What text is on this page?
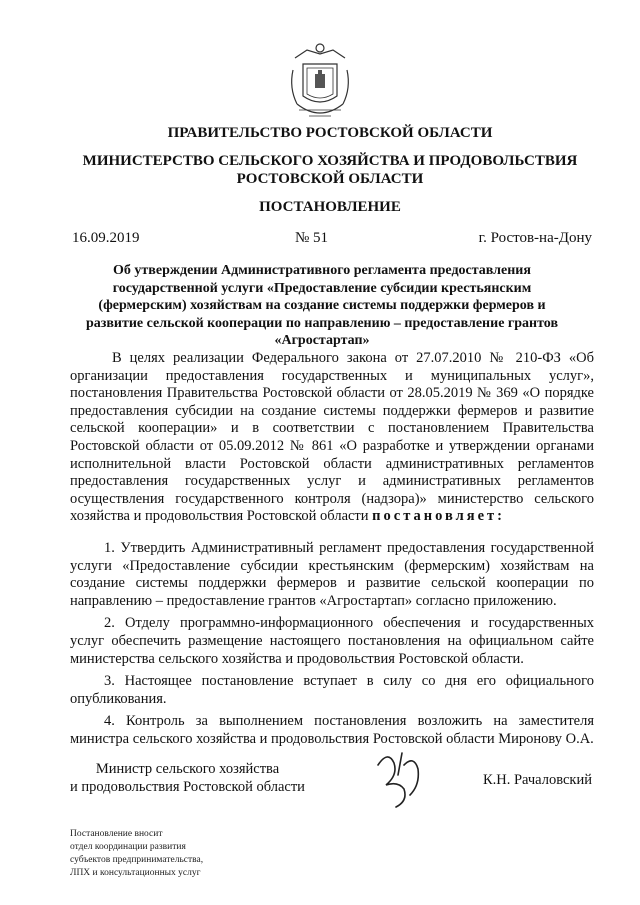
ПРАВИТЕЛЬСТВО РОСТОВСКОЙ ОБЛАСТИ

МИНИСТЕРСТВО СЕЛЬСКОГО ХОЗЯЙСТВА И ПРОДОВОЛЬСТВИЯ
РОСТОВСКОЙ ОБЛАСТИ

ПОСТАНОВЛЕНИЕ

16.09.2019	№ 51	г. Ростов-на-Дону
Об утверждении Административного регламента предоставления
государственной услуги «Предоставление субсидии крестьянским
(фермерским) хозяйствам на создание системы поддержки фермеров и
развитие сельской кооперации по направлению – предоставление грантов
«Агростартап»

В целях реализации Федерального закона от 27.07.2010 № 210-ФЗ «Об организации предоставления государственных и муниципальных услуг», постановления Правительства Ростовской области от 28.05.2019 № 369 «О порядке предоставления субсидии на создание системы поддержки фермеров и развитие сельской кооперации» и в соответствии с постановлением Правительства Ростовской области от 05.09.2012 № 861 «О разработке и утверждении органами исполнительной власти Ростовской области административных регламентов предоставления государственных услуг и административных регламентов осуществления государственного контроля (надзора)» министерство сельского хозяйства и продовольствия Ростовской области постановляет:

1. Утвердить Административный регламент предоставления государственной услуги «Предоставление субсидии крестьянским (фермерским) хозяйствам на создание системы поддержки фермеров и развитие сельской кооперации по направлению – предоставление грантов «Агростартап» согласно приложению.

2. Отделу программно-информационного обеспечения и государственных услуг обеспечить размещение настоящего постановления на официальном сайте министерства сельского хозяйства и продовольствия Ростовской области.

3. Настоящее постановление вступает в силу со дня его официального опубликования.

4. Контроль за выполнением постановления возложить на заместителя министра сельского хозяйства и продовольствия Ростовской области Миронову О.А.

Министр сельского хозяйства
и продовольствия Ростовской области	К.Н. Рачаловский
Постановление вносит
отдел координации развития
субъектов предпринимательства,
ЛПХ и консультационных услуг
